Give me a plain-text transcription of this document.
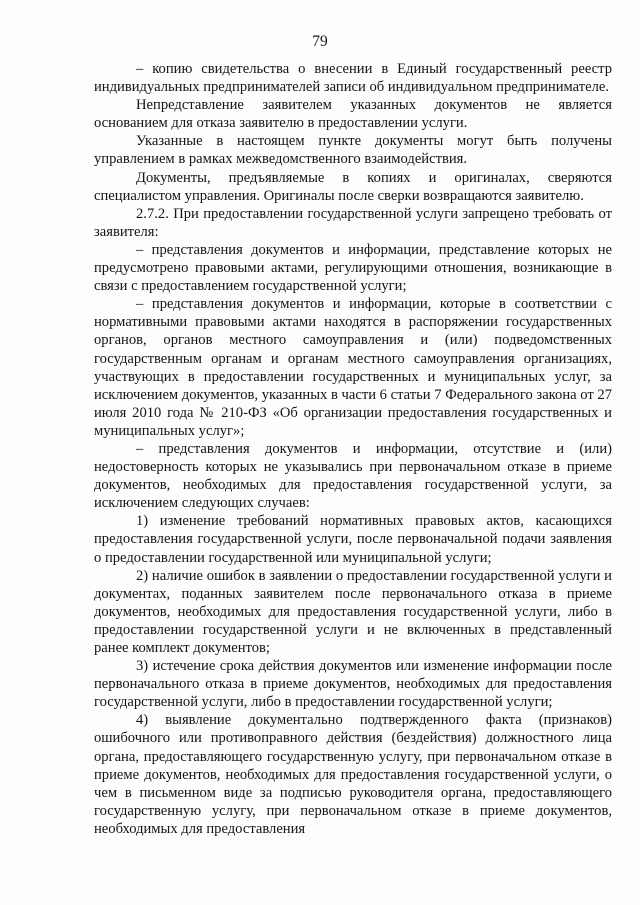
79

– копию свидетельства о внесении в Единый государственный реестр индивидуальных предпринимателей записи об индивидуальном предпринимателе.

Непредставление заявителем указанных документов не является основанием для отказа заявителю в предоставлении услуги.

Указанные в настоящем пункте документы могут быть получены управлением в рамках межведомственного взаимодействия.

Документы, предъявляемые в копиях и оригиналах, сверяются специалистом управления. Оригиналы после сверки возвращаются заявителю.

2.7.2. При предоставлении государственной услуги запрещено требовать от заявителя:

– представления документов и информации, представление которых не предусмотрено правовыми актами, регулирующими отношения, возникающие в связи с предоставлением государственной услуги;

– представления документов и информации, которые в соответствии с нормативными правовыми актами находятся в распоряжении государственных органов, органов местного самоуправления и (или) подведомственных государственным органам и органам местного самоуправления организациях, участвующих в предоставлении государственных и муниципальных услуг, за исключением документов, указанных в части 6 статьи 7 Федерального закона от 27 июля 2010 года № 210-ФЗ «Об организации предоставления государственных и муниципальных услуг»;

– представления документов и информации, отсутствие и (или) недостоверность которых не указывались при первоначальном отказе в приеме документов, необходимых для предоставления государственной услуги, за исключением следующих случаев:

1) изменение требований нормативных правовых актов, касающихся предоставления государственной услуги, после первоначальной подачи заявления о предоставлении государственной или муниципальной услуги;

2) наличие ошибок в заявлении о предоставлении государственной услуги и документах, поданных заявителем после первоначального отказа в приеме документов, необходимых для предоставления государственной услуги, либо в предоставлении государственной услуги и не включенных в представленный ранее комплект документов;

3) истечение срока действия документов или изменение информации после первоначального отказа в приеме документов, необходимых для предоставления государственной услуги, либо в предоставлении государственной услуги;

4) выявление документально подтвержденного факта (признаков) ошибочного или противоправного действия (бездействия) должностного лица органа, предоставляющего государственную услугу, при первоначальном отказе в приеме документов, необходимых для предоставления государственной услуги, о чем в письменном виде за подписью руководителя органа, предоставляющего государственную услугу, при первоначальном отказе в приеме документов, необходимых для предоставления
